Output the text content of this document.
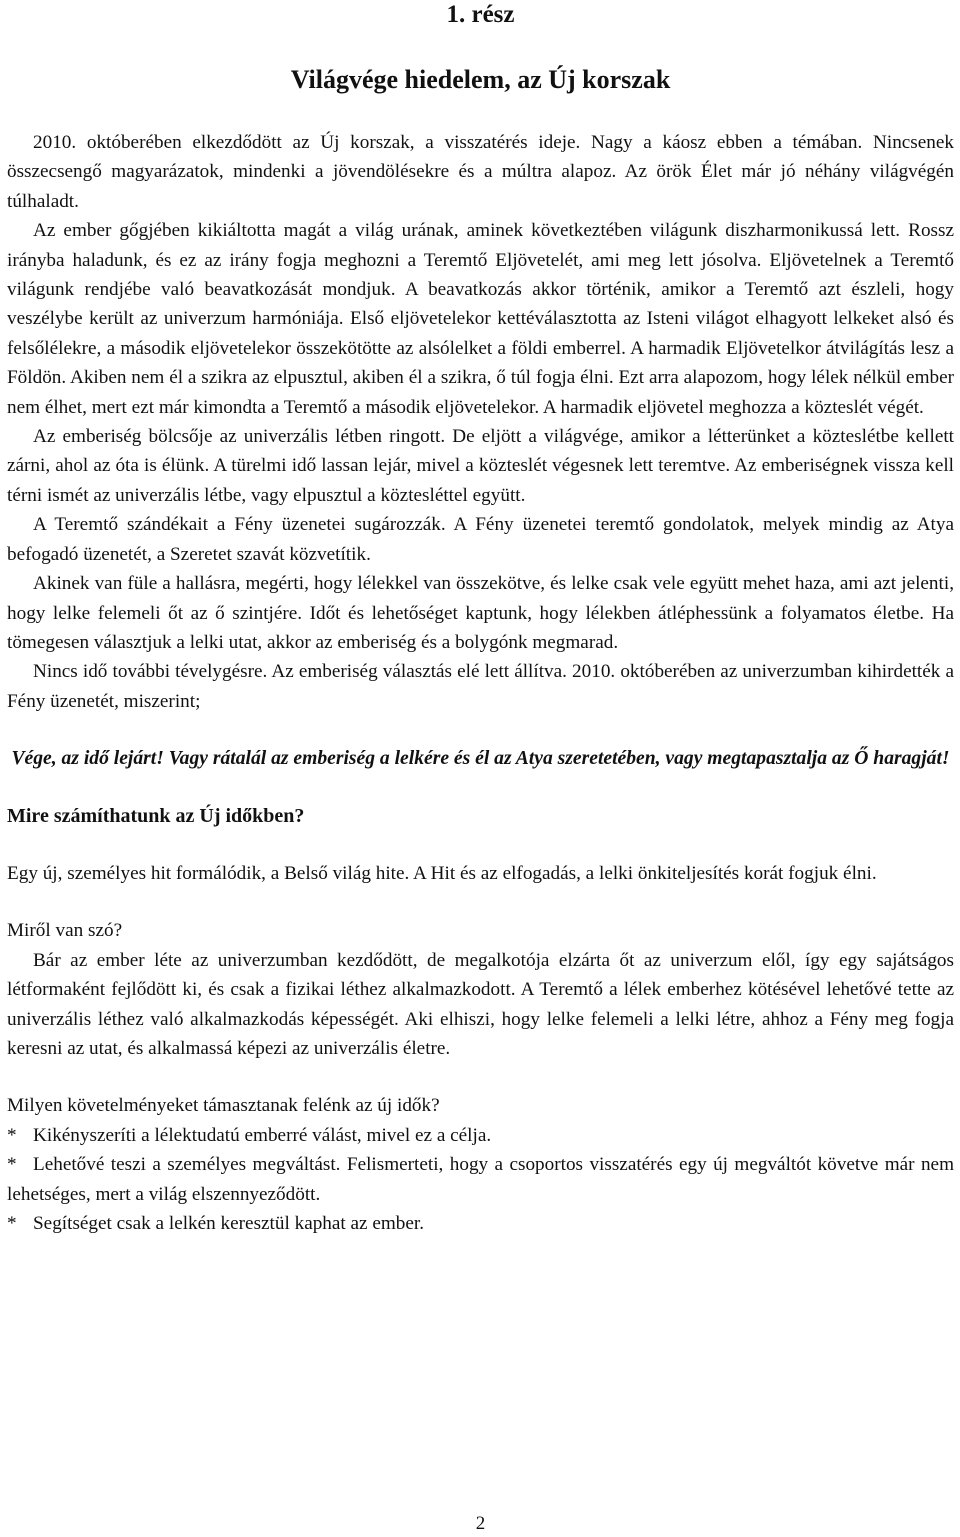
1. rész
Világvége hiedelem, az Új korszak

2010. októberében elkezdődött az Új korszak, a visszatérés ideje. Nagy a káosz ebben a témában. Nincsenek összecsengő magyarázatok, mindenki a jövendölésekre és a múltra alapoz. Az örök Élet már jó néhány világvégén túlhaladt.

Az ember gőgjében kikiáltotta magát a világ urának, aminek következtében világunk diszharmonikussá lett. Rossz irányba haladunk, és ez az irány fogja meghozni a Teremtő Eljövetelét, ami meg lett jósolva. Eljövetelnek a Teremtő világunk rendjébe való beavatkozását mondjuk. A beavatkozás akkor történik, amikor a Teremtő azt észleli, hogy veszélybe került az univerzum harmóniája. Első eljövetelekor kettéválasztotta az Isteni világot elhagyott lelkeket alsó és felsőlélekre, a második eljövetelekor összekötötte az alsólelket a földi emberrel. A harmadik Eljövetelkor átvilágítás lesz a Földön. Akiben nem él a szikra az elpusztul, akiben él a szikra, ő túl fogja élni. Ezt arra alapozom, hogy lélek nélkül ember nem élhet, mert ezt már kimondta a Teremtő a második eljövetelekor. A harmadik eljövetel meghozza a közteslét végét.

Az emberiség bölcsője az univerzális létben ringott. De eljött a világvége, amikor a létterünket a közteslétbe kellett zárni, ahol az óta is élünk. A türelmi idő lassan lejár, mivel a közteslét végesnek lett teremtve. Az emberiségnek vissza kell térni ismét az univerzális létbe, vagy elpusztul a köztesléttel együtt.

A Teremtő szándékait a Fény üzenetei sugározzák. A Fény üzenetei teremtő gondolatok, melyek mindig az Atya befogadó üzenetét, a Szeretet szavát közvetítik.

Akinek van füle a hallásra, megérti, hogy lélekkel van összekötve, és lelke csak vele együtt mehet haza, ami azt jelenti, hogy lelke felemeli őt az ő szintjére. Időt és lehetőséget kaptunk, hogy lélekben átléphessünk a folyamatos életbe. Ha tömegesen választjuk a lelki utat, akkor az emberiség és a bolygónk megmarad.

Nincs idő további tévelygésre. Az emberiség választás elé lett állítva. 2010. októberében az univerzumban kihirdették a Fény üzenetét, miszerint;

Vége, az idő lejárt! Vagy rátalál az emberiség a lelkére és él az Atya szeretetében, vagy megtapasztalja az Ő haragját!

Mire számíthatunk az Új időkben?

Egy új, személyes hit formálódik, a Belső világ hite. A Hit és az elfogadás, a lelki önkiteljesítés korát fogjuk élni.

Miről van szó?

Bár az ember léte az univerzumban kezdődött, de megalkotója elzárta őt az univerzum elől, így egy sajátságos létformaként fejlődött ki, és csak a fizikai léthez alkalmazkodott. A Teremtő a lélek emberhez kötésével lehetővé tette az univerzális léthez való alkalmazkodás képességét. Aki elhiszi, hogy lelke felemeli a lelki létre, ahhoz a Fény meg fogja keresni az utat, és alkalmassá képezi az univerzális életre.

Milyen követelményeket támasztanak felénk az új idők?

* Kikényszeríti a lélektudatú emberré válást, mivel ez a célja.

* Lehetővé teszi a személyes megváltást. Felismerteti, hogy a csoportos visszatérés egy új megváltót követve már nem lehetséges, mert a világ elszennyeződött.

* Segítséget csak a lelkén keresztül kaphat az ember.

2
